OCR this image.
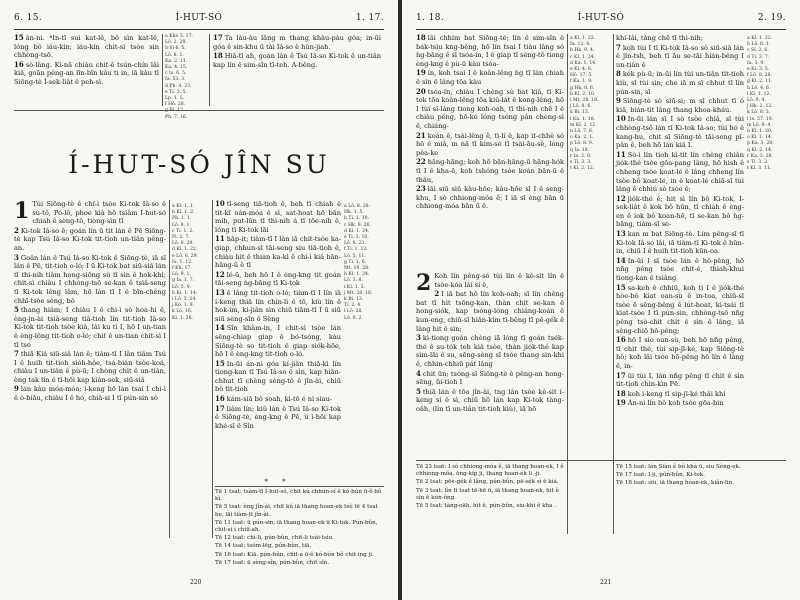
6. 15.	Í-HUT-SÓ	1. 17.

15 ân-ni. ªIn-tī sui kat-lê, bô sìn kat-lê, lóng bô iáu-kin; iáu-kín chit-si tsòe sin chhòng-tsō.

16 sò-lâng. Ki-nā chiàu chit-ê tsún-chín lâi kiâ, goān pêng-an lîn-bîn kàu ti in, iā kàu tī Siōng-tè Í-sek-liât ê peh-sì.

a Khó 5. 17.
Lô. 2. 28.
b Sí 6. 5.
Lô. 8. 1.
Ka. 2. 11.
Ka. 4. 15.
c Is. 6. 5.
Ia. 53. 3.
d Ph. 4. 23.
e Ti. 3. 5.
Lp. 1. 5.
f Hô. 28.
g Bi. 12.
Ph. 7. 16.

17 Ta làu-àu lâng m thang khàu-pàu góa; in-ūi góa ê sin-khu ū tài Iâ-so ê hûn-jiah.

18 Hiā-tī ah, goán lân ê Tsú Iâ-so Ki-tok ê un-tiân kap lín ê sim-sîn tī-teh. A-bêng.

Í-HUT-SÓ JÎN SU
1 Tùi Siōng-tè ê chí-ì tsòe Ki-tok Iâ-so ê sù-tô, Pó-lô, phoe kià hō tsiâm Í-hut-só chiah ê sèng-tô, tiòng-sìn tī

2 Ki-tok Iâ-so ê; goán lín ū tit lán ê Pē Siōng-tè kap Tsú Iâ-so Ki-tok tit-tioh un-tiân pêng-an.

3 Goân lán ê Tsú Iâ-so Ki-tok ê Siōng-tè, iā sī lán ê Pē, tit-tioh o-ló; I ū Ki-tok bat siū-siâ lán tī thi-nih tiâm hong-siōng sù tī sìn ê hok-khì; chit-sì chiàu I chhòng-tsō se-kan ê tsiâ-seng tī Ki-tok lêng lâm, hō lán tī I ê bīn-chêng chhī-tsòe sèng, bô

5 thang hiâm; I chiàu I ê chi-ì sò hoa-hi ê, èng-jn-ài tsiâ-seng tiâ-tioh lín tit-tioh Iâ-so Ki-tok tit-tioh tsòe kiâ, lâi ku ti I, hō I un-tian ê èng-lông tit-tioh o-ló; chit ê un-tian chit-sì I tī tsó

7 thiā Kiá siū-siâ lán ê; tiâm-tī I lân tiâm Tsú I ê huih tit-tioh sióh-hôe, tsá-bián tsòe-koá, chiàu I un-tiân ê pù-ū; I chòng chit ê un-tiân, èng tak lín ê tī-hōi kap kiàn-sek, siū-siâ

9 lán kàu móa-móa; í-keng hō lán tsai I chi-ì ê ò-biāu, chiàu I ê hó, chiâ-si I tī pún-sin sò

a Kl. 1. 1.
b Kl. 1. 2.
Ph. 1. 1.
Lô. 8. 1.
c Ti. 1. 2.
Pi. 2. 7.
Lô. 8. 29.
d Kl. 1. 22.
e Lô. 8. 29.
Ia. 1. 12.
f Kh. 17.
Lô. 9. 1.
g Ia. 1. 7.
Lō. 5. 9.
h Kl. 1. 14.
i Lô. 3. 24.
j Kó. 1. 9.
k Lô. 16.
Kl. 1. 26.

10 tī-seng tiā-tioh ê, beh tī chiah ê tit-kî oán-móa ê sì, sat-hoat hō bān mih, put-lūn tī thi-nih á tī tōe-nih ê, lóng tī Ki-tok lāi

11 hāp-it; tiàm-tī I lân iā chit-tsòe ka-giap, chhun-sī tāi-seng siu tiā-tioh ê, chiàu hit ê thian ka-kì ê chi-ì kiâ bān-hāng-ū ê tī

12 lé-ū, beh hō I ê èng-kng tit goán tāi-seng ǹg-bāng tī Ki-tok

13 ê lâng tit-tioh o-ló; tiàm-tī I lín iā í-keng thiā lín chín-li ê tō, kiù lín ê hok-im, ki-jiân sìn chiū tiām-tī I ū siū siū sèng-sîn ô Sèng

14 Sîn khàm-in, I chit-sì tsòe lán sêng-chiap giap ê bó-tsóng, kàu Siōng-tè so tit-tioh ê giap siók-hōe, hō I ê èng-kng tit-tioh o-ló.

15 In-ūi án-ni góa kí-jiân thiā-kì lín tiong-kan tī Tsú Iâ-so ê sìn, kap hiān-chhut tī chèng sèng-tô ê jîn-ài, chiū bô tit-tioh

16 kám-siā bô soah, kì-tō é ni siau-

17 liâm lín; kiû lán ê Tsú Iâ-so Ki-tok ê Siōng-tè, èng-kng ê Pē, ù ì-hōi kap khé-sī ê Sîn

a Lô. 8. 28.
Hk. 1. 5.
b Ti. 1. 10.
c Hk. 8. 26.
d Kl. 1. 24.
e Ti. 3. 10.
Lô. 8. 23.
f Ti. 1. 12.
Lô. 5. 11.
g Ti. 1. 6.
Mt. 19. 28.
h Kl. 1. 24.
Lô. 3. 8.
i Kl. 1. 3.
j Mt. 28. 18.
k Bi. 13.
Ti. 2. 4.
l Lô. 28.
Lô. 9. 2.
* *
Tē 1 tsat: tsàm-tī Í-hut-só, chit kú chhun-sí ê kó-bún ū-ê bô kì.
Tē 5 tsat: èng jîn-ài, chit kú iā thang hoan-ek tsò tē 4 tsat be, lāi tiàm-tī jîn-ài.
Tē 11 tsat: ū pún-sin, iā thang hoan-ek ū Ki-tok. Pún-bûn, chit-si i chiū-ah.
Tē 12 tsat: chi-li, pún-bûn, chit-li tsài-tsìo.
Tē 14 tsat: tsóm-lēg, pún-bûn, tiā.
Tē 16 tsat: Kiā. pún-bûn, chit-a ū-ê kó-bún bô chit ing ji.
Tē 17 tsat: ū sèng-sîn, pún-bûn, chit sîn.
220
1. 18.	Í-HUT-SÓ	2. 19.

18 lâi chhim bat Siōng-tè; lín ê sim-sîn ê bák-tsiu kng-bêng, hō lín tsai I tiàu lâng só ǹg-bāng ê sī tsóa-ín, I ê giap tī sèng-tô tiong èng-kng ê pù-ū kàu tsóa-

19 ín, koh tsai I ê koân-lêng ǹg tī lán chiah ê sìn ê lâng tōa kàu

20 tsóa-ín, chiàu I chèng sù bat kiâ, tī Ki-tok tōa koân-lêng tōa kiû-lát ê kong-lêng, hō I tùi sí-lâng tiong koh-oah, tī thi-nih chē I ê chiàu pêng, hō-ké lóng tsóng pân chèng-sì ê, chiáng-

21 koán ê, tsài-lêng ê, tì-lí ê, kap it-chhè só hô ê miâ, m nā tī kim-sè tī tsài-āu-sè, lóng pêa-ke

22 hāng-hāng; koh hō bān-hāng-ū hāng-hók tī I ê kha-ē, koh tshóng tsòe koán bān-ū ê thâu,

23 lāi siū siū kàu-hōe; kàu-hōe sī I ê seng-khu, I sò chhiong-móa ê; I iā sī èng bān ū chhiong-móa bān ū ê.

2 Koh lín pêng-só tùi lín ê kè-sit lín ê tsòe-kòa lâi sí ê,

2 I iā bat hō lín koh-oah; sī lín chêng bat tī hit tsōng-kan, thàn chit se-kan ê hong-siók, kap tsóng-lóng chiáng-koán ê kun-eng, chiū-sī hiān-kim tī-bêng tī pē-gék ê lâng hit ê sìn;

3 kì-tiong goán chèng iā lóng tī goán tsék-thé ê su-tók teh kiâ tsòe, thàn jiók-thé kap sim-lāi ê su, sēng-sèng sī tsòe thang sin-khi ê, chhin-chhiū pát lâng

4 chit ūn; tsóng-sī Siōng-tè ê pêng-an hong-sēng, ūi-tioh I

5 thiā lán ê tōa jîn-ài, tng lán tsòe kè-sit í-keng sí ê sì, chiū hō lán kap Ki-tok tàng-oāh, (lín tī un-tiân tit-tioh kiù), iā hō

a Kl. 1. 22.
Ia. 12. 4.
b Hk. 9. 4.
c Kl. 1. 24.
d Ka. 1. 14.
e Kl. 4. 6.
Hô. 17. 5.
f Ka. 1. 9.
g Hk. 8. 6.
h Kl. 2. 10.
i Mt. 28. 18.
j Lô. 8. 6.
k Bi. 13.
l Ka. 1. 18.
m Kl. 2. 12.
n Lô. 7. 6.
o Ka. 2. 1.
p Lô. 8. 9.
q Ia. 18.
r Ia. 2. 8.
s Ti. 3. 3.
t Kl. 2. 12.

khí-lâi, tàng chē tī thi-nih;

7 koh tùi I tī Ki-tok Iâ-so sò siū-siâ lán ê jîn-tsh, beh tī āu se-tāi hián-bêng I un-tiân ê

8 kék pù-ū; in-ūi lín tùi un-tiân tit-tioh kiù, sī tùi sìn; che iā m sī chhut tī lín pún-sin, sī

9 Siōng-tè sò siū-si; m sī chhut tī ó kiâ, bián-tit lâng thang khoa-kháu.

10 In-ūi lán sī I sò tsòe chiâ, sī tùi chhòng-tsō lán tī Ki-tok Iâ-so; tùi hó ê kang-hu, chit sī Siōng-tè tāi-seng pī-pân ê, beh hō lán kiâ I.

11 Sò-i lín tioh kì-tit lín chèng chiân jiók-thé tsòe gōa-pang lâng, hō hish ê chheng tsòe koat-lé ê lâng chheng lín tsòe bô koat-lé, in ê koat-lé chiā-sī tùi lâng ê chhiú sò tsòe ê;

12 jiók-thé ê; hit sì lín bô Ki-tok, I-sek-liât ê kok bô hūn, tī chiah ê èng-en ê iok bô koan-hē, tī se-kan bô ǹg-bāng, tiàm-sī se-

13 kan m bat Siōng-tè. Lím pêng-sī tī Ki-tok Iâ-so lâi, iā tiàm-tī Ki-tok ê hūn-in, chiū I ê huih tit-tioh kūn-oa.

14 In-ūi I sī tsòe lán ê hô-pêng, hō nñg pêng tsòe chit-é, thiah-khui tiong-kan ê tsiâng

15 sa-keh ê chhiū, koh ti I ê jiók-thé hòe-bô kiat oan-sù ê in-toa, chiū-sī tsòe ē sēng-bêng ê lút-hoat, ki-tsái tī kiat-tsòe I tī pún-sin, chhòng-tsō nñg pêng tsò-chit chit ê sìn ê lâng, iā sêng-chiō hō-pêng;

16 hō I sio oan-sù, beh hō nñg pêng, tī chit thé, tùi sip-jī-ké, kap Siōng-tè hô; koh lâi tsòe hō-pêng hō lín ê lâng ê, in-

17 ūi tùi I, lán nñg pêng tī chit ê sìn tit-tioh chìn-kìn Pē.

18 koh i-keng tī sip-jī-ké thâi khí

19 Án-ni lín bô koh tsòe gōa-bin

a Kl. 1. 22.
b Lô. 8. 1.
c Sí. 2. 6.
d Ti. 3. 7.
Ia. 3. 9.
e Ki. 3. 5.
f Lô. 8. 28.
g Kl. 2. 11.
h Lô. 4. 6.
i Kl. 1. 12.
Lô. 9. 4.
j Hk. 2. 12.
k Lô. 8. 3.
l Is. 57. 19.
m Lô. 9. 4.
n Kl. 1. 20.
o Kl. 1. 14.
p Ka. 3. 28.
q Kl. 2. 14.
r Ka. 3. 28.
s Ti. 3. 2.
t Kl. 3. 11.
Tē 23 tsat: I sò chhiong-móa ê, iā thang hoan-ek, I ê chhiong-móa, ōng-kip ji, thang hoan-ek li -ji.
Tē 2 tsat: pēe-gék ê lâng, pún-bûn, pē-sék sì ê kiá.
Tē 3 tsat: lín tī tsat tē-hē ū, iā thang hoan-ek, hit ê sìn ê kun-ông.
Tē 5 tsat: tàng-oāh, hit ê, pún-bûn, siu-khi ê kha .
Tē 15 tsat: lán Siàn ê bô khà ū, siu Sèng-ek.
Tē 17 tsat: I-ji, pún-bûn, Ki-tok.
Tē 18 tsat: siu, iā thang hoan-ek, kiân-lin.
221
